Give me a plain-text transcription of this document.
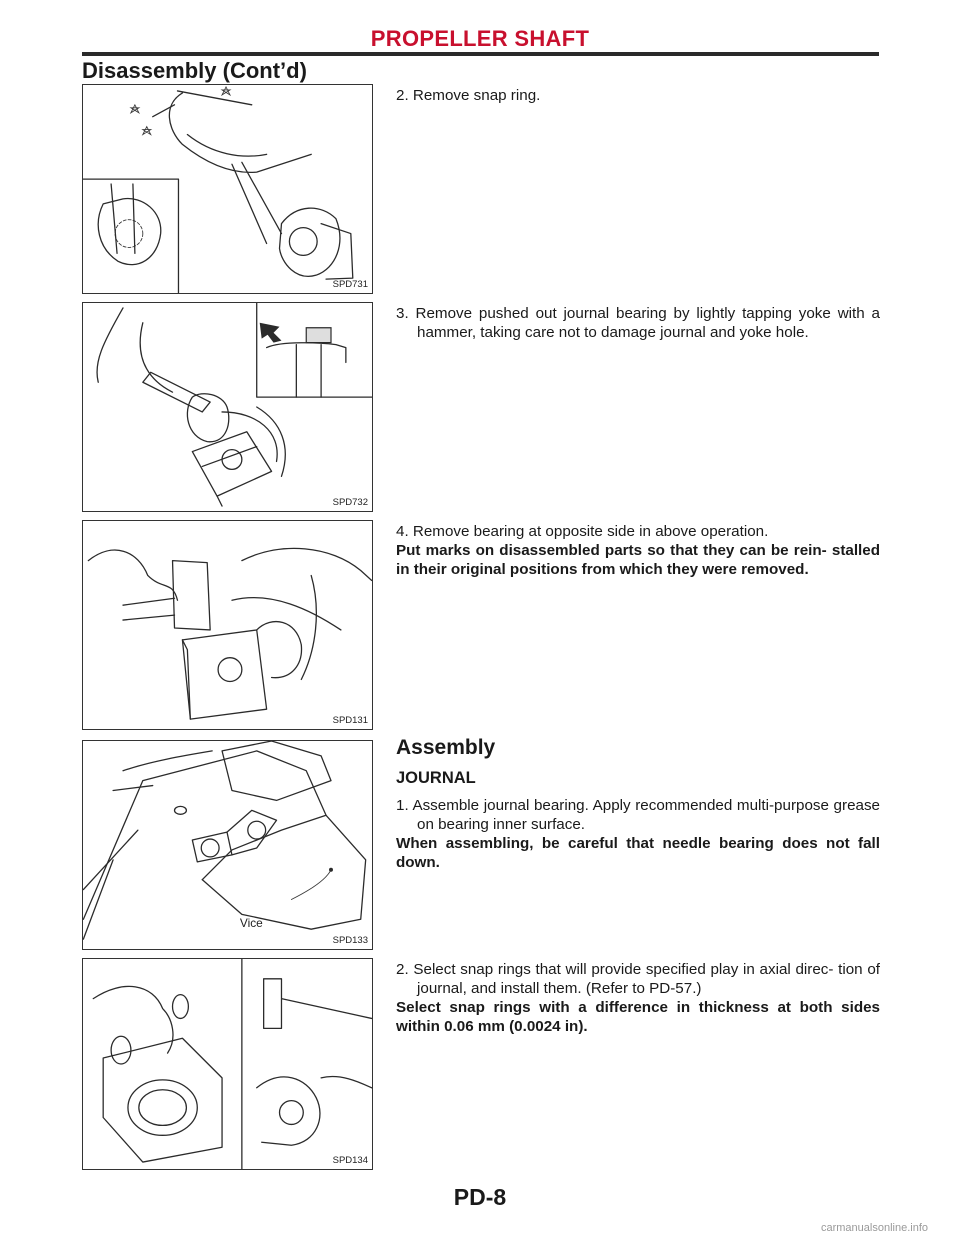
PROPELLER SHAFT
Disassembly (Cont’d)
SPD731
SPD732
SPD131
Vice
SPD133
SPD134

2. Remove snap ring.

3. Remove pushed out journal bearing by lightly tapping yoke with a hammer, taking care not to damage journal and yoke hole.

4. Remove bearing at opposite side in above operation.

Put marks on disassembled parts so that they can be rein- stalled in their original positions from which they were removed.

Assembly
JOURNAL

1. Assemble journal bearing. Apply recommended multi-purpose grease on bearing inner surface.

When assembling, be careful that needle bearing does not fall down.

2. Select snap rings that will provide specified play in axial direc- tion of journal, and install them. (Refer to PD-57.)

Select snap rings with a difference in thickness at both sides within 0.06 mm (0.0024 in).

PD-8
carmanualsonline.info
